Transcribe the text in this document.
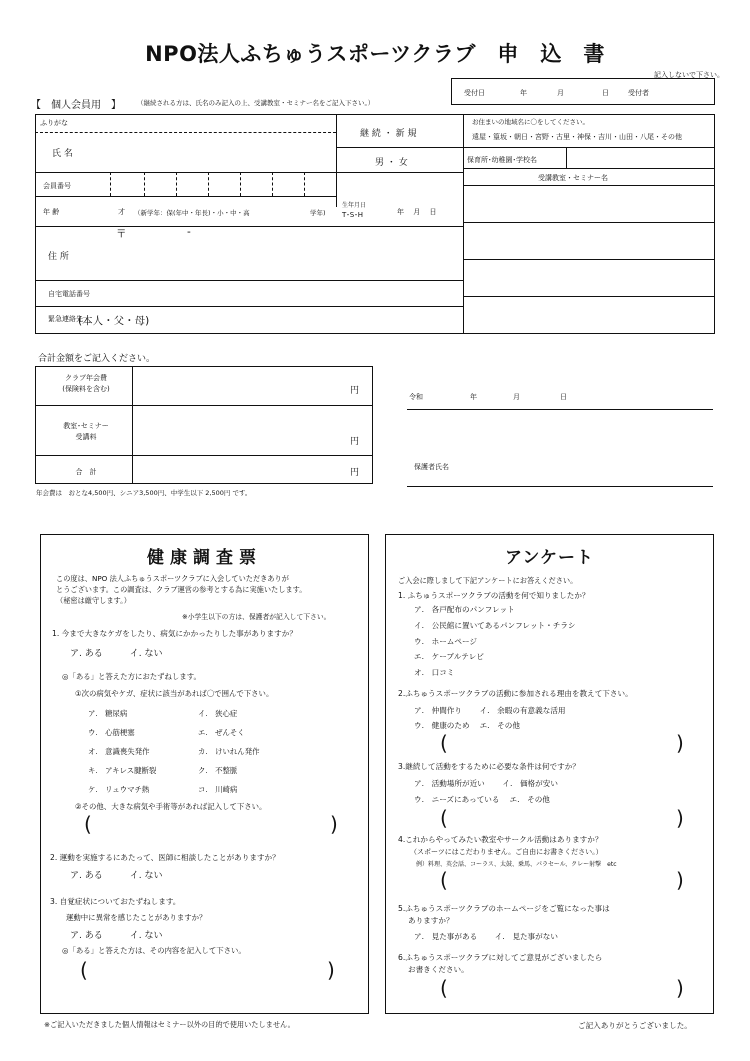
NPO法人ふちゅうスポーツクラブ　申　込　書
記入しないで下さい。
受付日	年	月	日	受付者
【　個人会員用　】 （継続される方は、氏名のみ記入の上、受講教室・セミナー名をご記入下さい。）
ふりがな
氏 名
継 続 ・ 新 規
男 ・ 女
会員番号
年 齢	才 （新学年：保(年中・年長)・小・中・高	学年)
生年月日
T･S･H	年　 月　 日
〒	-
住 所
自宅電話番号
緊急連絡先
(本人・父・母)
お住まいの地域名に〇をしてください。
遠屋・篁坂・朝日・宮野・古里・神保・吉川・山田・八尾・その他
保育所･幼稚園･学校名
受講教室・セミナー名
合計金額をご記入ください。
クラブ年会費
(保険料を含む)	円
教室･セミナー
受講料	円
合　計	円
年会費は　おとな4,500円、シニア3,500円、中学生以下 2,500円 です。
令和	年	月	日
保護者氏名
健康調査票
この度は、NPO 法人ふちゅうスポーツクラブに入会していただきありが
とうございます。この調査は、クラブ運営の参考とする為に実施いたします。
（秘密は厳守します。）
※小学生以下の方は、保護者が記入して下さい。
1. 今まで大きなケガをしたり、病気にかかったりした事がありますか？
ア. ある　　　イ. ない
◎「ある」と答えた方におたずねします。
①次の病気やケガ、症状に該当があれば〇で囲んで下さい。
ア.　糖尿病	イ.　狭心症
ウ.　心筋梗塞	エ.　ぜんそく
オ.　意識喪失発作	カ.　けいれん発作
キ.　アキレス腱断裂	ク.　不整脈
ケ.　リュウマチ熱	コ.　川崎病
②その他、大きな病気や手術等があれば記入して下さい。
(	)
2. 運動を実施するにあたって、医師に相談したことがありますか？
ア. ある　　　イ. ない
3. 自覚症状についておたずねします。
運動中に異常を感じたことがありますか？
ア. ある　　　イ. ない
◎「ある」と答えた方は、その内容を記入して下さい。
(	)
アンケート
ご入会に際しまして下記アンケートにお答えください。
1. ふちゅうスポーツクラブの活動を何で知りましたか？
ア.　各戸配布のパンフレット
イ.　公民館に置いてあるパンフレット・チラシ
ウ.　ホームページ
エ.　ケーブルテレビ
オ.　口コミ
2.ふちゅうスポーツクラブの活動に参加される理由を教えて下さい。
ア.　仲間作り　　 イ.　余暇の有意義な活用
ウ.　健康のため　 エ.　その他
(	)
3.継続して活動をするために必要な条件は何ですか？
ア.　活動場所が近い　　 イ.　価格が安い
ウ.　ニーズにあっている　 エ.　その他
(	)
4.これからやってみたい教室やサークル活動はありますか？
（スポーツにはこだわりません。ご自由にお書きください。）
例）料理、英会話、コーラス、太鼓、乗馬、パラセール、クレー射撃　etc
(	)
5.ふちゅうスポーツクラブのホームページをご覧になった事は
ありますか？
ア.　見た事がある　　 イ.　見た事がない
6.ふちゅうスポーツクラブに対してご意見がございましたら
お書きください。
(	)
※ご記入いただきました個人情報はセミナー以外の目的で使用いたしません。	ご記入ありがとうございました。
